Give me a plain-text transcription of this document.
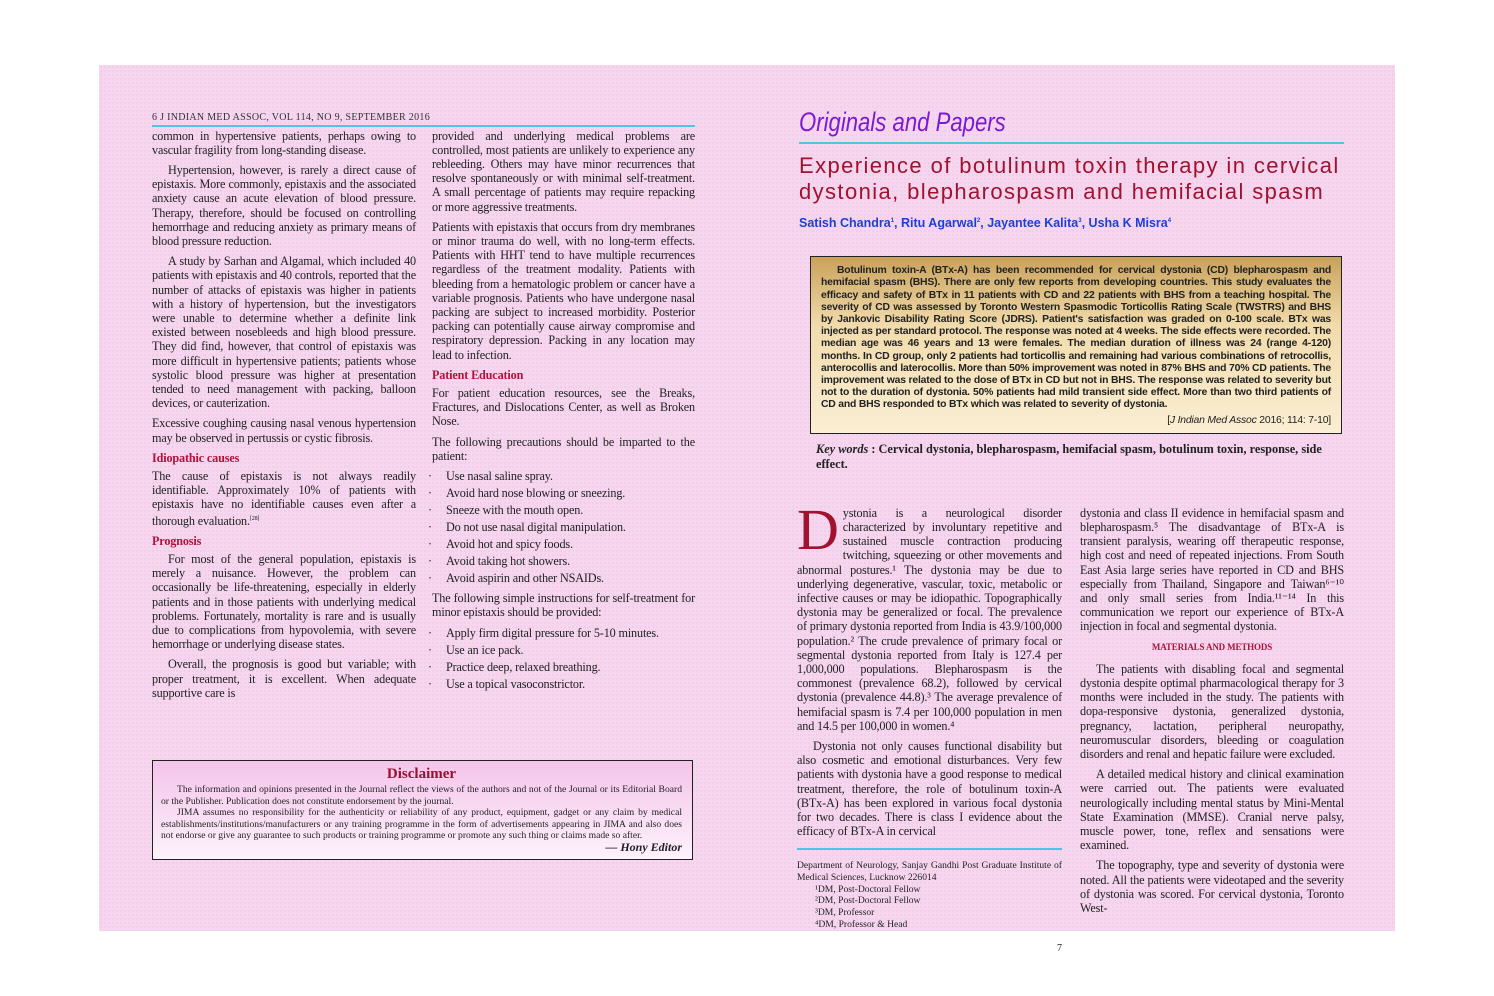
6 J INDIAN MED ASSOC, VOL 114, NO 9, SEPTEMBER 2016

common in hypertensive patients, perhaps owing to vascular fragility from long-standing disease.

Hypertension, however, is rarely a direct cause of epistaxis. More commonly, epistaxis and the associated anxiety cause an acute elevation of blood pressure. Therapy, therefore, should be focused on controlling hemorrhage and reducing anxiety as primary means of blood pressure reduction.

A study by Sarhan and Algamal, which included 40 patients with epistaxis and 40 controls, reported that the number of attacks of epistaxis was higher in patients with a history of hypertension, but the investigators were unable to determine whether a definite link existed between nosebleeds and high blood pressure. They did find, however, that control of epistaxis was more difficult in hypertensive patients; patients whose systolic blood pressure was higher at presentation tended to need management with packing, balloon devices, or cauterization.

Excessive coughing causing nasal venous hypertension may be observed in pertussis or cystic fibrosis.

Idiopathic causes

The cause of epistaxis is not always readily identifiable. Approximately 10% of patients with epistaxis have no identifiable causes even after a thorough evaluation.[28]

Prognosis

For most of the general population, epistaxis is merely a nuisance. However, the problem can occasionally be life-threatening, especially in elderly patients and in those patients with underlying medical problems. Fortunately, mortality is rare and is usually due to complications from hypovolemia, with severe hemorrhage or underlying disease states.

Overall, the prognosis is good but variable; with proper treatment, it is excellent. When adequate supportive care is

provided and underlying medical problems are controlled, most patients are unlikely to experience any rebleeding. Others may have minor recurrences that resolve spontaneously or with minimal self-treatment. A small percentage of patients may require repacking or more aggressive treatments.

Patients with epistaxis that occurs from dry membranes or minor trauma do well, with no long-term effects. Patients with HHT tend to have multiple recurrences regardless of the treatment modality. Patients with bleeding from a hematologic problem or cancer have a variable prognosis. Patients who have undergone nasal packing are subject to increased morbidity. Posterior packing can potentially cause airway compromise and respiratory depression. Packing in any location may lead to infection.

Patient Education

For patient education resources, see the Breaks, Fractures, and Dislocations Center, as well as Broken Nose.

The following precautions should be imparted to the patient:

· Use nasal saline spray.
· Avoid hard nose blowing or sneezing.
· Sneeze with the mouth open.
· Do not use nasal digital manipulation.
· Avoid hot and spicy foods.
· Avoid taking hot showers.
· Avoid aspirin and other NSAIDs.

The following simple instructions for self-treatment for minor epistaxis should be provided:

· Apply firm digital pressure for 5-10 minutes.
· Use an ice pack.
· Practice deep, relaxed breathing.
· Use a topical vasoconstrictor.
Disclaimer

The information and opinions presented in the Journal reflect the views of the authors and not of the Journal or its Editorial Board or the Publisher. Publication does not constitute endorsement by the journal.

JIMA assumes no responsibility for the authenticity or reliability of any product, equipment, gadget or any claim by medical establishments/institutions/manufacturers or any training programme in the form of advertisements appearing in JIMA and also does not endorse or give any guarantee to such products or training programme or promote any such thing or claims made so after.

— Hony Editor
Originals and Papers
Experience of botulinum toxin therapy in cervical dystonia, blepharospasm and hemifacial spasm
Satish Chandra$^1$, Ritu Agarwal$^2$, Jayantee Kalita$^3$, Usha K Misra$^4$

Botulinum toxin-A (BTx-A) has been recommended for cervical dystonia (CD) blepharospasm and hemifacial spasm (BHS). There are only few reports from developing countries. This study evaluates the efficacy and safety of BTx in 11 patients with CD and 22 patients with BHS from a teaching hospital. The severity of CD was assessed by Toronto Western Spasmodic Torticollis Rating Scale (TWSTRS) and BHS by Jankovic Disability Rating Score (JDRS). Patient's satisfaction was graded on 0-100 scale. BTx was injected as per standard protocol. The response was noted at 4 weeks. The side effects were recorded. The median age was 46 years and 13 were females. The median duration of illness was 24 (range 4-120) months. In CD group, only 2 patients had torticollis and remaining had various combinations of retrocollis, anterocollis and laterocollis. More than 50% improvement was noted in 87% BHS and 70% CD patients. The improvement was related to the dose of BTx in CD but not in BHS. The response was related to severity but not to the duration of dystonia. 50% patients had mild transient side effect. More than two third patients of CD and BHS responded to BTx which was related to severity of dystonia.

[J Indian Med Assoc 2016; 114: 7-10]
Key words : Cervical dystonia, blepharospasm, hemifacial spasm, botulinum toxin, response, side effect.

Dystonia is a neurological disorder characterized by involuntary repetitive and sustained muscle contraction producing twitching, squeezing or other movements and abnormal postures.¹ The dystonia may be due to underlying degenerative, vascular, toxic, metabolic or infective causes or may be idiopathic. Topographically dystonia may be generalized or focal. The prevalence of primary dystonia reported from India is 43.9/100,000 population.² The crude prevalence of primary focal or segmental dystonia reported from Italy is 127.4 per 1,000,000 populations. Blepharospasm is the commonest (prevalence 68.2), followed by cervical dystonia (prevalence 44.8).³ The average prevalence of hemifacial spasm is 7.4 per 100,000 population in men and 14.5 per 100,000 in women.⁴

Dystonia not only causes functional disability but also cosmetic and emotional disturbances. Very few patients with dystonia have a good response to medical treatment, therefore, the role of botulinum toxin-A (BTx-A) has been explored in various focal dystonia for two decades. There is class I evidence about the efficacy of BTx-A in cervical

Department of Neurology, Sanjay Gandhi Post Graduate Institute of Medical Sciences, Lucknow 226014
¹DM, Post-Doctoral Fellow
²DM, Post-Doctoral Fellow
³DM, Professor
⁴DM, Professor & Head
7

dystonia and class II evidence in hemifacial spasm and blepharospasm.⁵ The disadvantage of BTx-A is transient paralysis, wearing off therapeutic response, high cost and need of repeated injections. From South East Asia large series have reported in CD and BHS especially from Thailand, Singapore and Taiwan⁶⁻¹⁰ and only small series from India.¹¹⁻¹⁴ In this communication we report our experience of BTx-A injection in focal and segmental dystonia.

MATERIALS AND METHODS

The patients with disabling focal and segmental dystonia despite optimal pharmacological therapy for 3 months were included in the study. The patients with dopa-responsive dystonia, generalized dystonia, pregnancy, lactation, peripheral neuropathy, neuromuscular disorders, bleeding or coagulation disorders and renal and hepatic failure were excluded.

A detailed medical history and clinical examination were carried out. The patients were evaluated neurologically including mental status by Mini-Mental State Examination (MMSE). Cranial nerve palsy, muscle power, tone, reflex and sensations were examined.

The topography, type and severity of dystonia were noted. All the patients were videotaped and the severity of dystonia was scored. For cervical dystonia, Toronto West-
